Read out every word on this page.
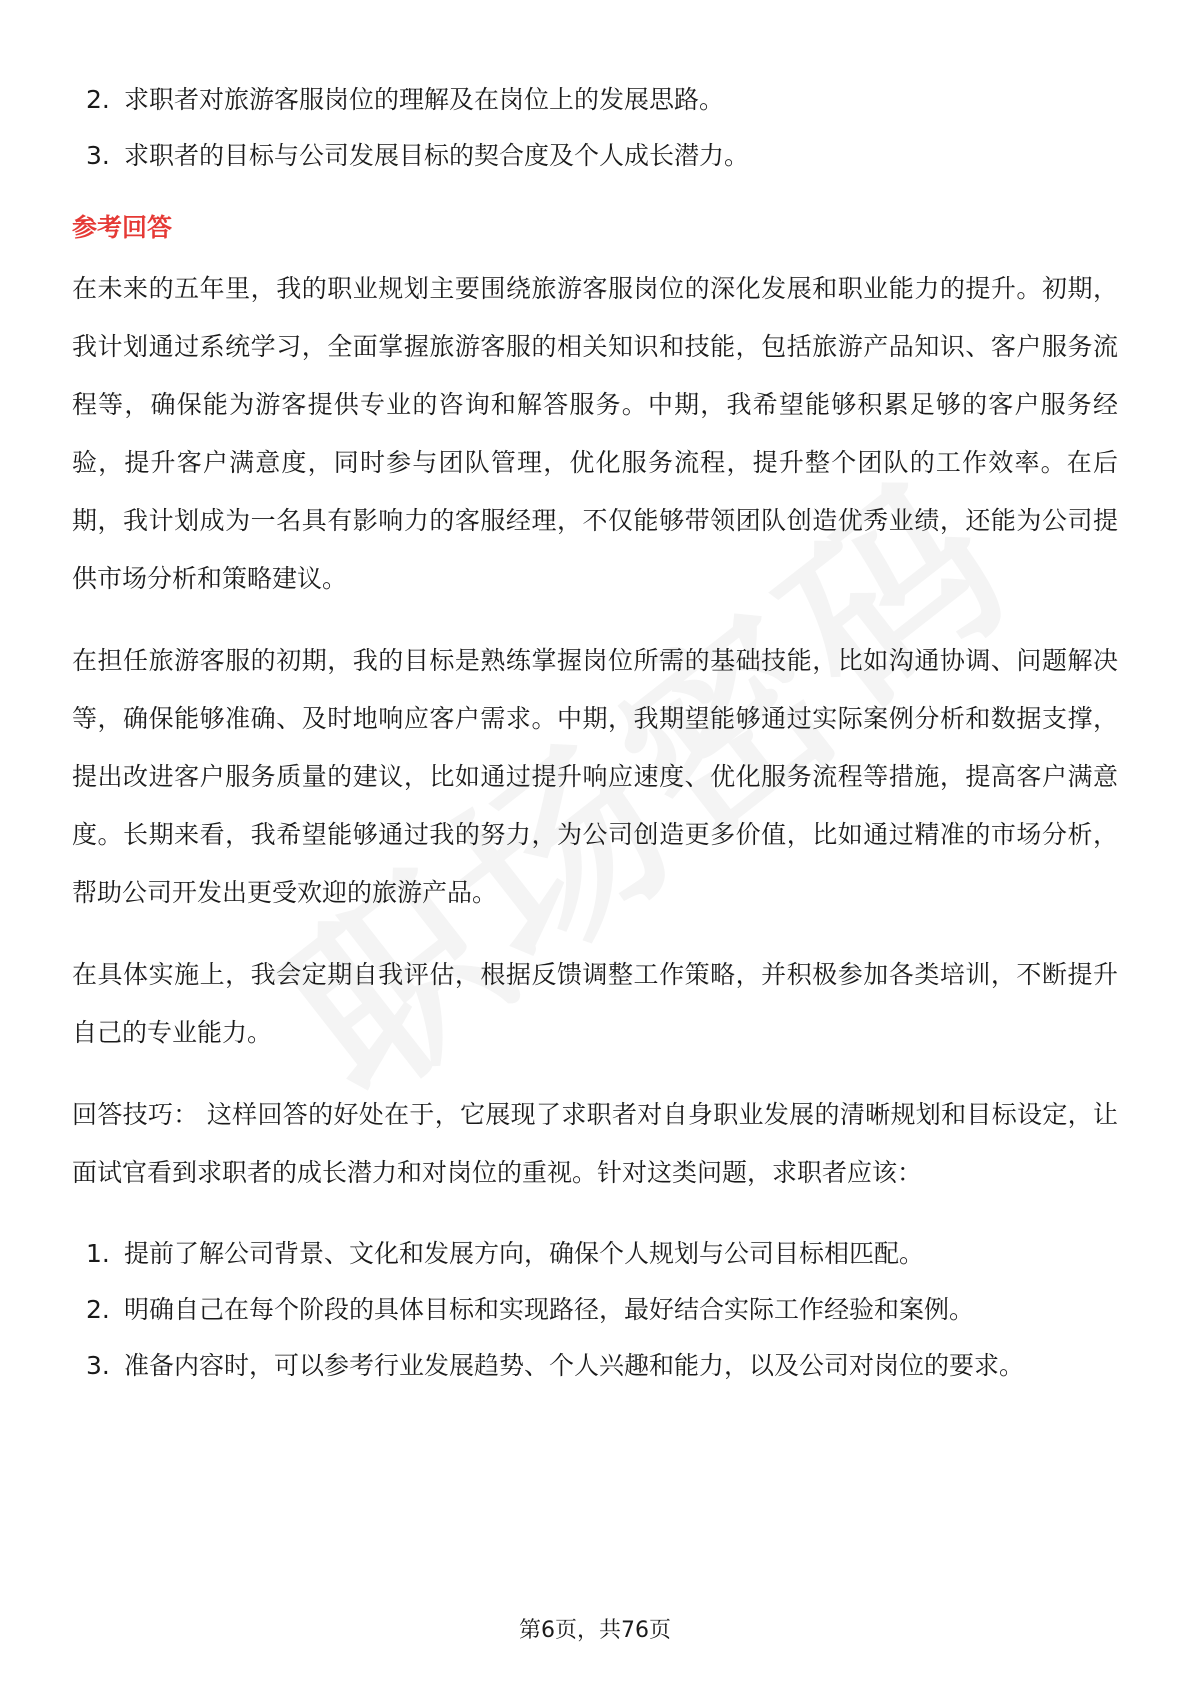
2. 求职者对旅游客服岗位的理解及在岗位上的发展思路。
3. 求职者的目标与公司发展目标的契合度及个人成长潜力。
参考回答

在未来的五年里，我的职业规划主要围绕旅游客服岗位的深化发展和职业能力的提升。初期，我计划通过系统学习，全面掌握旅游客服的相关知识和技能，包括旅游产品知识、客户服务流程等，确保能为游客提供专业的咨询和解答服务。中期，我希望能够积累足够的客户服务经验，提升客户满意度，同时参与团队管理，优化服务流程，提升整个团队的工作效率。在后期，我计划成为一名具有影响力的客服经理，不仅能够带领团队创造优秀业绩，还能为公司提供市场分析和策略建议。

在担任旅游客服的初期，我的目标是熟练掌握岗位所需的基础技能，比如沟通协调、问题解决等，确保能够准确、及时地响应客户需求。中期，我期望能够通过实际案例分析和数据支撑，提出改进客户服务质量的建议，比如通过提升响应速度、优化服务流程等措施，提高客户满意度。长期来看，我希望能够通过我的努力，为公司创造更多价值，比如通过精准的市场分析，帮助公司开发出更受欢迎的旅游产品。

在具体实施上，我会定期自我评估，根据反馈调整工作策略，并积极参加各类培训，不断提升自己的专业能力。

回答技巧： 这样回答的好处在于，它展现了求职者对自身职业发展的清晰规划和目标设定，让面试官看到求职者的成长潜力和对岗位的重视。针对这类问题，求职者应该：

1. 提前了解公司背景、文化和发展方向，确保个人规划与公司目标相匹配。
2. 明确自己在每个阶段的具体目标和实现路径，最好结合实际工作经验和案例。
3. 准备内容时，可以参考行业发展趋势、个人兴趣和能力，以及公司对岗位的要求。
第6页，共76页
